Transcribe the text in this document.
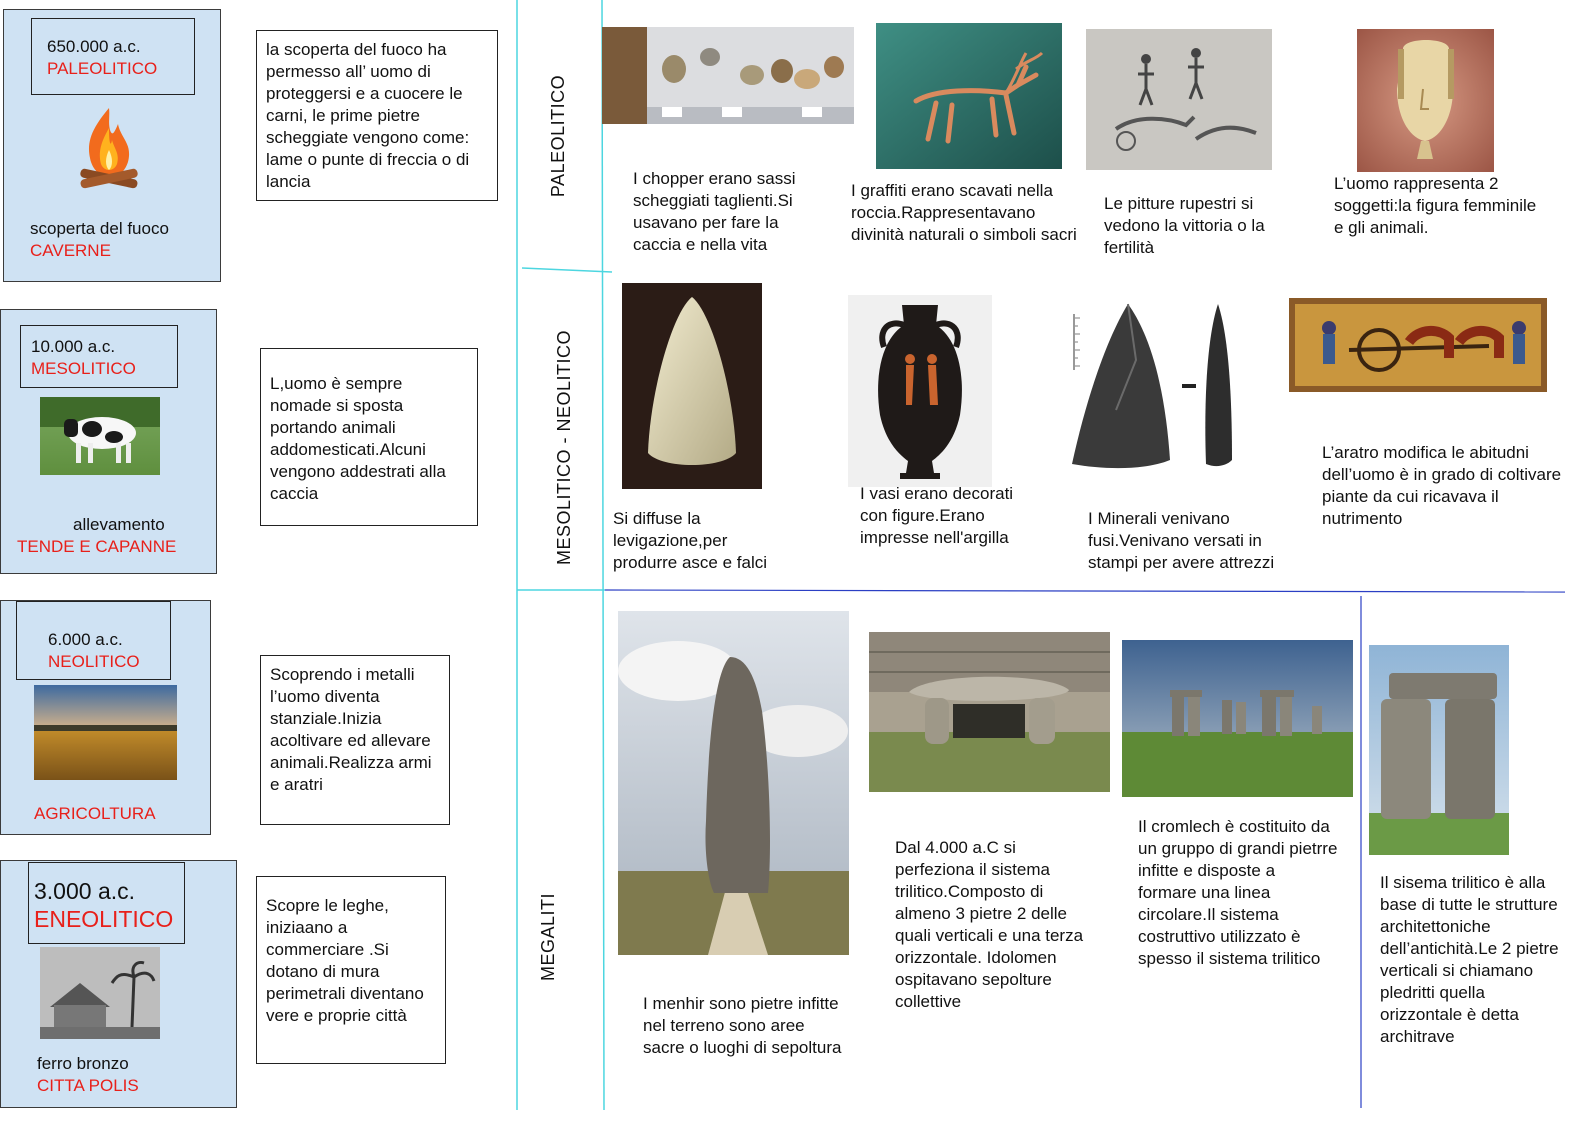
650.000 a.c.
PALEOLITICO
scoperta del fuoco
CAVERNE
la scoperta del fuoco ha permesso all’ uomo di proteggersi e a cuocere le carni, le prime pietre scheggiate vengono come: lame o punte di freccia o di lancia
10.000 a.c.
MESOLITICO
allevamento
TENDE E CAPANNE
L,uomo è sempre nomade si sposta portando animali addomesticati.Alcuni vengono addestrati alla caccia
6.000 a.c.
NEOLITICO
AGRICOLTURA
Scoprendo i metalli l’uomo diventa stanziale.Inizia acoltivare ed allevare animali.Realizza armi e aratri
3.000 a.c.
ENEOLITICO
ferro bronzo
CITTA POLIS
Scopre le leghe, iniziaano a commerciare .Si dotano di mura perimetrali diventano vere e proprie città
PALEOLITICO
MESOLITICO - NEOLITICO
MEGALITI
I chopper erano sassi scheggiati taglienti.Si usavano per fare la caccia e nella vita
I graffiti erano scavati nella roccia.Rappresentavano divinità naturali o simboli sacri
Le pitture rupestri si vedono la vittoria o la fertilità
L’uomo rappresenta 2 soggetti:la figura femminile e gli animali.
Si diffuse la levigazione,per produrre asce e falci
I vasi erano decorati con figure.Erano impresse nell'argilla
I Minerali venivano fusi.Venivano versati in stampi per avere attrezzi
L’aratro modifica le abitudni dell’uomo è in grado di coltivare piante da cui ricavava il nutrimento
I menhir sono pietre infitte nel terreno sono aree sacre o luoghi di sepoltura
Dal 4.000 a.C si perfeziona il sistema trilitico.Composto di almeno 3 pietre 2 delle quali verticali e una terza orizzontale. Idolomen ospitavano sepolture collettive
Il cromlech è costituito da un gruppo di grandi pietrre infitte e disposte a formare una linea circolare.Il sistema costruttivo utilizzato è spesso il sistema trilitico
Il sisema trilitico è alla base di tutte le strutture architettoniche dell’antichità.Le 2 pietre verticali si chiamano pledritti quella orizzontale è detta architrave
